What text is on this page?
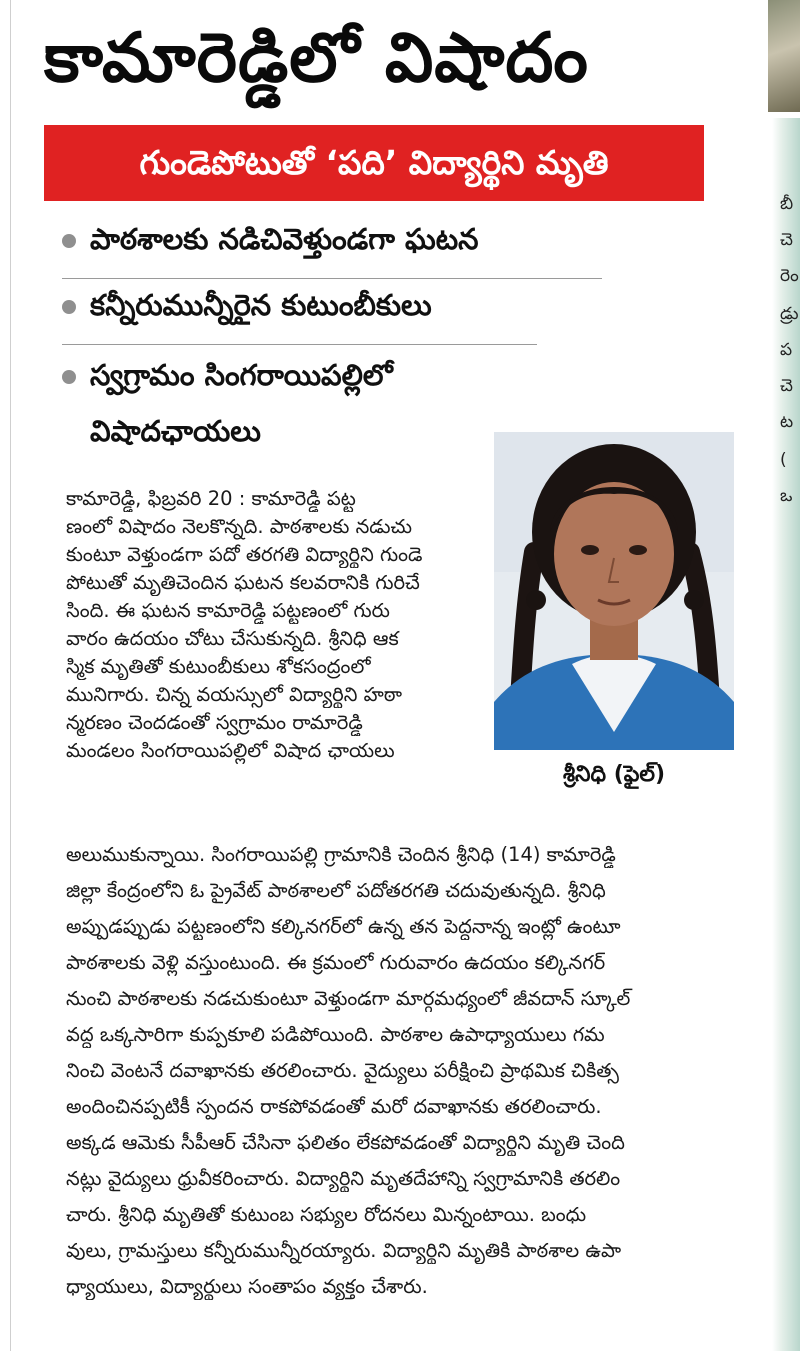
బీ
చె
రెం
డ్రు
ప
చె
ట
(
ఒ
కామారెడ్డిలో విషాదం
గుండెపోటుతో ‘పది’ విద్యార్థిని మృతి
పాఠశాలకు నడిచివెళ్తుండగా ఘటన
కన్నీరుమున్నీరైన కుటుంబీకులు
స్వగ్రామం సింగరాయిపల్లిలో
విషాదఛాయలు
శ్రీనిధి (ఫైల్)
కామారెడ్డి, ఫిబ్రవరి 20 : కామారెడ్డి పట్ట
ణంలో విషాదం నెలకొన్నది. పాఠశాలకు నడుచు
కుంటూ వెళ్తుండగా పదో తరగతి విద్యార్థిని గుండె
పోటుతో మృతిచెందిన ఘటన కలవరానికి గురిచే
సింది. ఈ ఘటన కామారెడ్డి పట్టణంలో గురు
వారం ఉదయం చోటు చేసుకున్నది. శ్రీనిధి ఆక
స్మిక మృతితో కుటుంబీకులు శోకసంద్రంలో
మునిగారు. చిన్న వయస్సులో విద్యార్థిని హఠా
న్మరణం చెందడంతో స్వగ్రామం రామారెడ్డి
మండలం సింగరాయిపల్లిలో విషాద ఛాయలు
అలుముకున్నాయి. సింగరాయిపల్లి గ్రామానికి చెందిన శ్రీనిధి (14) కామారెడ్డి
జిల్లా కేంద్రంలోని ఓ ప్రైవేట్ పాఠశాలలో పదోతరగతి చదువుతున్నది. శ్రీనిధి
అప్పుడప్పుడు పట్టణంలోని కల్కినగర్‌లో ఉన్న తన పెద్దనాన్న ఇంట్లో ఉంటూ
పాఠశాలకు వెళ్లి వస్తుంటుంది. ఈ క్రమంలో గురువారం ఉదయం కల్కినగర్
నుంచి పాఠశాలకు నడచుకుంటూ వెళ్తుండగా మార్గమధ్యంలో జీవదాన్ స్కూల్
వద్ద ఒక్కసారిగా కుప్పకూలి పడిపోయింది. పాఠశాల ఉపాధ్యాయులు గమ
నించి వెంటనే దవాఖానకు తరలించారు. వైద్యులు పరీక్షించి ప్రాథమిక చికిత్స
అందించినప్పటికీ స్పందన రాకపోవడంతో మరో దవాఖానకు తరలించారు.
అక్కడ ఆమెకు సీపీఆర్ చేసినా ఫలితం లేకపోవడంతో విద్యార్థిని మృతి చెంది
నట్లు వైద్యులు ధ్రువీకరించారు. విద్యార్థిని మృతదేహాన్ని స్వగ్రామానికి తరలిం
చారు. శ్రీనిధి మృతితో కుటుంబ సభ్యుల రోదనలు మిన్నంటాయి. బంధు
వులు, గ్రామస్తులు కన్నీరుమున్నీరయ్యారు. విద్యార్థిని మృతికి పాఠశాల ఉపా
ధ్యాయులు, విద్యార్థులు సంతాపం వ్యక్తం చేశారు.
